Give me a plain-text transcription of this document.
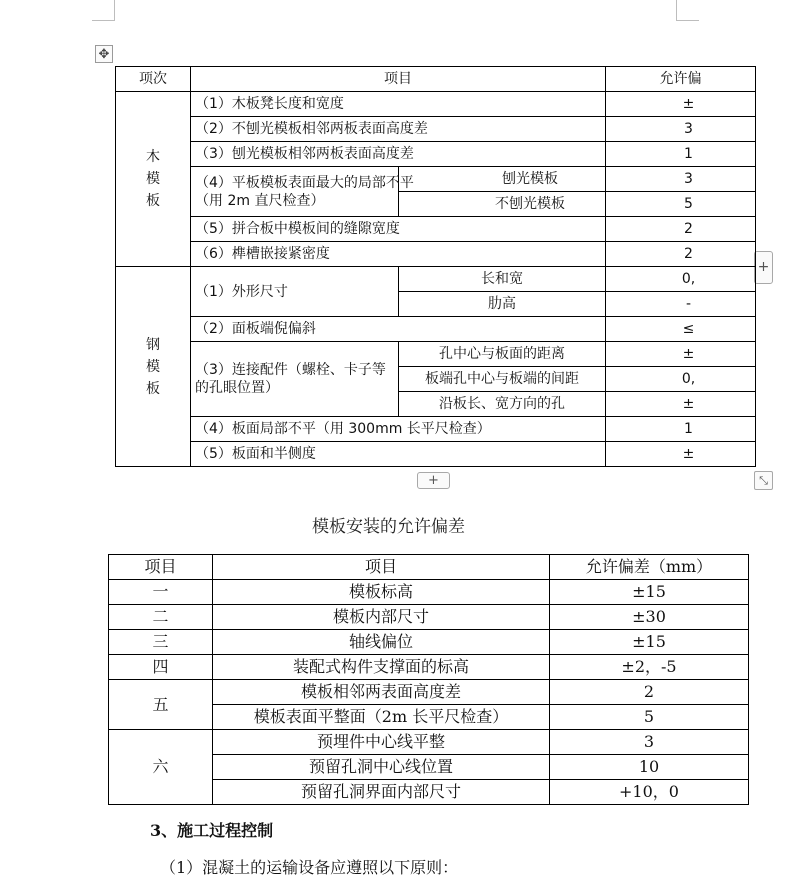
✥
+
+	⤡
项次	项目		允许偏

木模板	（1）木板凳长度和宽度		±
	（2）不刨光模板相邻两板表面高度差		3
	（3）刨光模板相邻两板表面高度差		1

	（4）平板模板表面最大的局部不平（用 2m 直尺检查）	刨光模板	3
		不刨光模板	5
	（5）拼合板中模板间的缝隙宽度		2
	（6）榫槽嵌接紧密度		2

钢模板	（1）外形尺寸	长和宽	0,
		肋高	-
	（2）面板端倪偏斜		≤

	（3）连接配件（螺栓、卡子等的孔眼位置）	孔中心与板面的距离	±
		板端孔中心与板端的间距	0,
		沿板长、宽方向的孔	±
	（4）板面局部不平（用 300mm 长平尺检查）		1
	（5）板面和半侧度		±
模板安装的允许偏差
项目	项目	允许偏差（mm）
一	模板标高	±15
二	模板内部尺寸	±30
三	轴线偏位	±15
四	装配式构件支撑面的标高	±2，-5
五	模板相邻两表面高度差	2
	模板表面平整面（2m 长平尺检查）	5
六	预埋件中心线平整	3
	预留孔洞中心线位置	10
	预留孔洞界面内部尺寸	+10，0
3、施工过程控制
（1）混凝土的运输设备应遵照以下原则：
